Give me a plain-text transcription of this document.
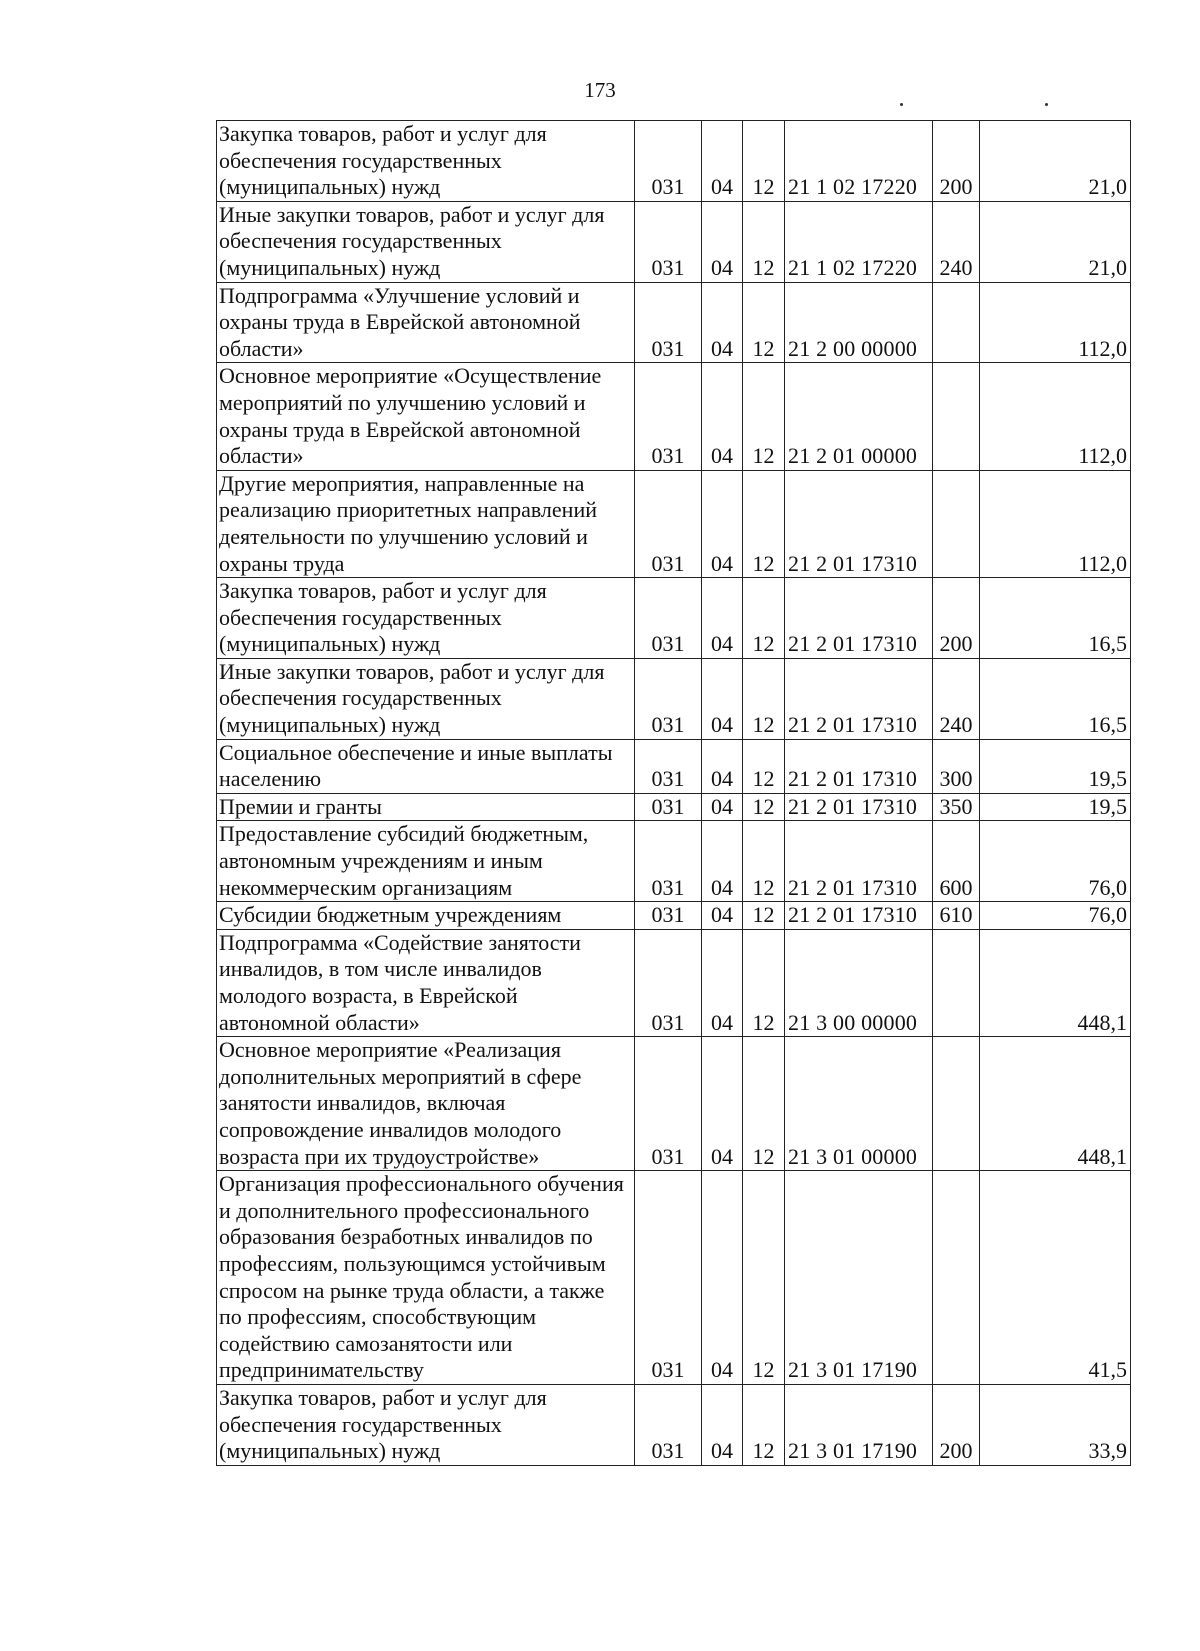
173
Закупка товаров, работ и услуг для обеспечения государственных (муниципальных) нужд	031	04	12	21 1 02 17220	200	21,0
Иные закупки товаров, работ и услуг для обеспечения государственных (муниципальных) нужд	031	04	12	21 1 02 17220	240	21,0
Подпрограмма «Улучшение условий и охраны труда в Еврейской автономной области»	031	04	12	21 2 00 00000		112,0
Основное мероприятие «Осуществление мероприятий по улучшению условий и охраны труда в Еврейской автономной области»	031	04	12	21 2 01 00000		112,0
Другие мероприятия, направленные на реализацию приоритетных направлений деятельности по улучшению условий и охраны труда	031	04	12	21 2 01 17310		112,0
Закупка товаров, работ и услуг для обеспечения государственных (муниципальных) нужд	031	04	12	21 2 01 17310	200	16,5
Иные закупки товаров, работ и услуг для обеспечения государственных (муниципальных) нужд	031	04	12	21 2 01 17310	240	16,5
Социальное обеспечение и иные выплаты населению	031	04	12	21 2 01 17310	300	19,5
Премии и гранты	031	04	12	21 2 01 17310	350	19,5
Предоставление субсидий бюджетным, автономным учреждениям и иным некоммерческим организациям	031	04	12	21 2 01 17310	600	76,0
Субсидии бюджетным учреждениям	031	04	12	21 2 01 17310	610	76,0
Подпрограмма «Содействие занятости инвалидов, в том числе инвалидов молодого возраста, в Еврейской автономной области»	031	04	12	21 3 00 00000		448,1
Основное мероприятие «Реализация дополнительных мероприятий в сфере занятости инвалидов, включая сопровождение инвалидов молодого возраста при их трудоустройстве»	031	04	12	21 3 01 00000		448,1
Организация профессионального обучения и дополнительного профессионального образования безработных инвалидов по профессиям, пользующимся устойчивым спросом на рынке труда области, а также по профессиям, способствующим содействию самозанятости или предпринимательству	031	04	12	21 3 01 17190		41,5
Закупка товаров, работ и услуг для обеспечения государственных (муниципальных) нужд	031	04	12	21 3 01 17190	200	33,9
